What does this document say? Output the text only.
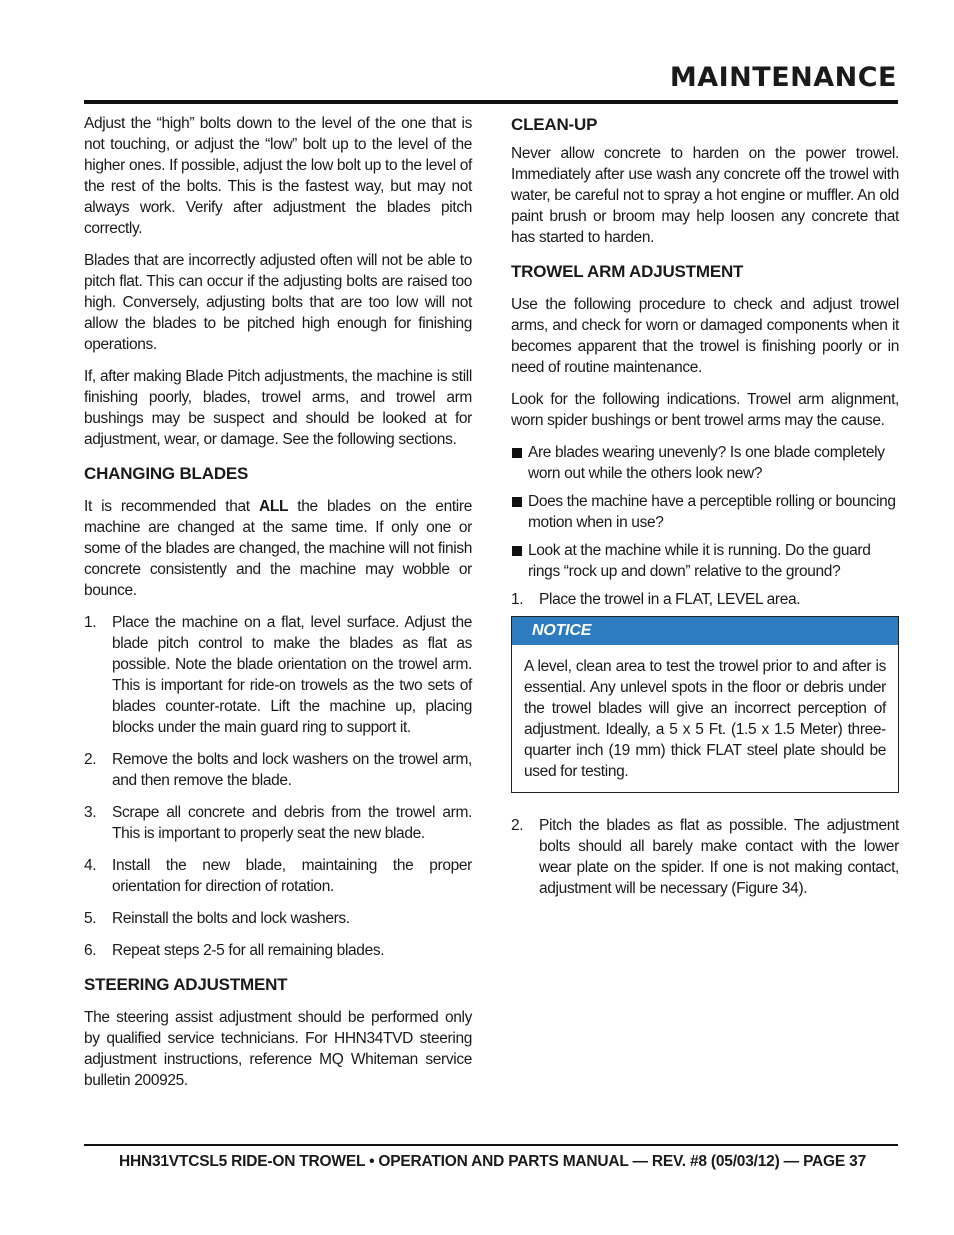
MAINTENANCE

Adjust the “high” bolts down to the level of the one that is not touching, or adjust the “low” bolt up to the level of the higher ones. If possible, adjust the low bolt up to the level of the rest of the bolts. This is the fastest way, but may not always work. Verify after adjustment the blades pitch correctly.

Blades that are incorrectly adjusted often will not be able to pitch flat. This can occur if the adjusting bolts are raised too high. Conversely, adjusting bolts that are too low will not allow the blades to be pitched high enough for finishing operations.

If, after making Blade Pitch adjustments, the machine is still finishing poorly, blades, trowel arms, and trowel arm bushings may be suspect and should be looked at for adjustment, wear, or damage. See the following sections.

CHANGING BLADES

It is recommended that ALL the blades on the entire machine are changed at the same time. If only one or some of the blades are changed, the machine will not finish concrete consistently and the machine may wobble or bounce.

1. Place the machine on a flat, level surface. Adjust the blade pitch control to make the blades as flat as possible. Note the blade orientation on the trowel arm. This is important for ride-on trowels as the two sets of blades counter-rotate. Lift the machine up, placing blocks under the main guard ring to support it.
2. Remove the bolts and lock washers on the trowel arm, and then remove the blade.
3. Scrape all concrete and debris from the trowel arm. This is important to properly seat the new blade.
4. Install the new blade, maintaining the proper orientation for direction of rotation.
5. Reinstall the bolts and lock washers.
6. Repeat steps 2-5 for all remaining blades.
STEERING ADJUSTMENT

The steering assist adjustment should be performed only by qualified service technicians. For HHN34TVD steering adjustment instructions, reference MQ Whiteman service bulletin 200925.

CLEAN-UP

Never allow concrete to harden on the power trowel. Immediately after use wash any concrete off the trowel with water, be careful not to spray a hot engine or muffler. An old paint brush or broom may help loosen any concrete that has started to harden.

TROWEL ARM ADJUSTMENT

Use the following procedure to check and adjust trowel arms, and check for worn or damaged components when it becomes apparent that the trowel is finishing poorly or in need of routine maintenance.

Look for the following indications. Trowel arm alignment, worn spider bushings or bent trowel arms may the cause.

Are blades wearing unevenly? Is one blade completely worn out while the others look new?
Does the machine have a perceptible rolling or bouncing motion when in use?
Look at the machine while it is running. Do the guard rings “rock up and down” relative to the ground?
1. Place the trowel in a FLAT, LEVEL area.
NOTICE
A level, clean area to test the trowel prior to and after is essential. Any unlevel spots in the floor or debris under the trowel blades will give an incorrect perception of adjustment. Ideally, a 5 x 5 Ft. (1.5 x 1.5 Meter) three-quarter inch (19 mm) thick FLAT steel plate should be used for testing.
2. Pitch the blades as flat as possible. The adjustment bolts should all barely make contact with the lower wear plate on the spider. If one is not making contact, adjustment will be necessary (Figure 34).
HHN31VTCSL5 RIDE-ON TROWEL • OPERATION AND PARTS MANUAL — REV. #8 (05/03/12) — PAGE 37
